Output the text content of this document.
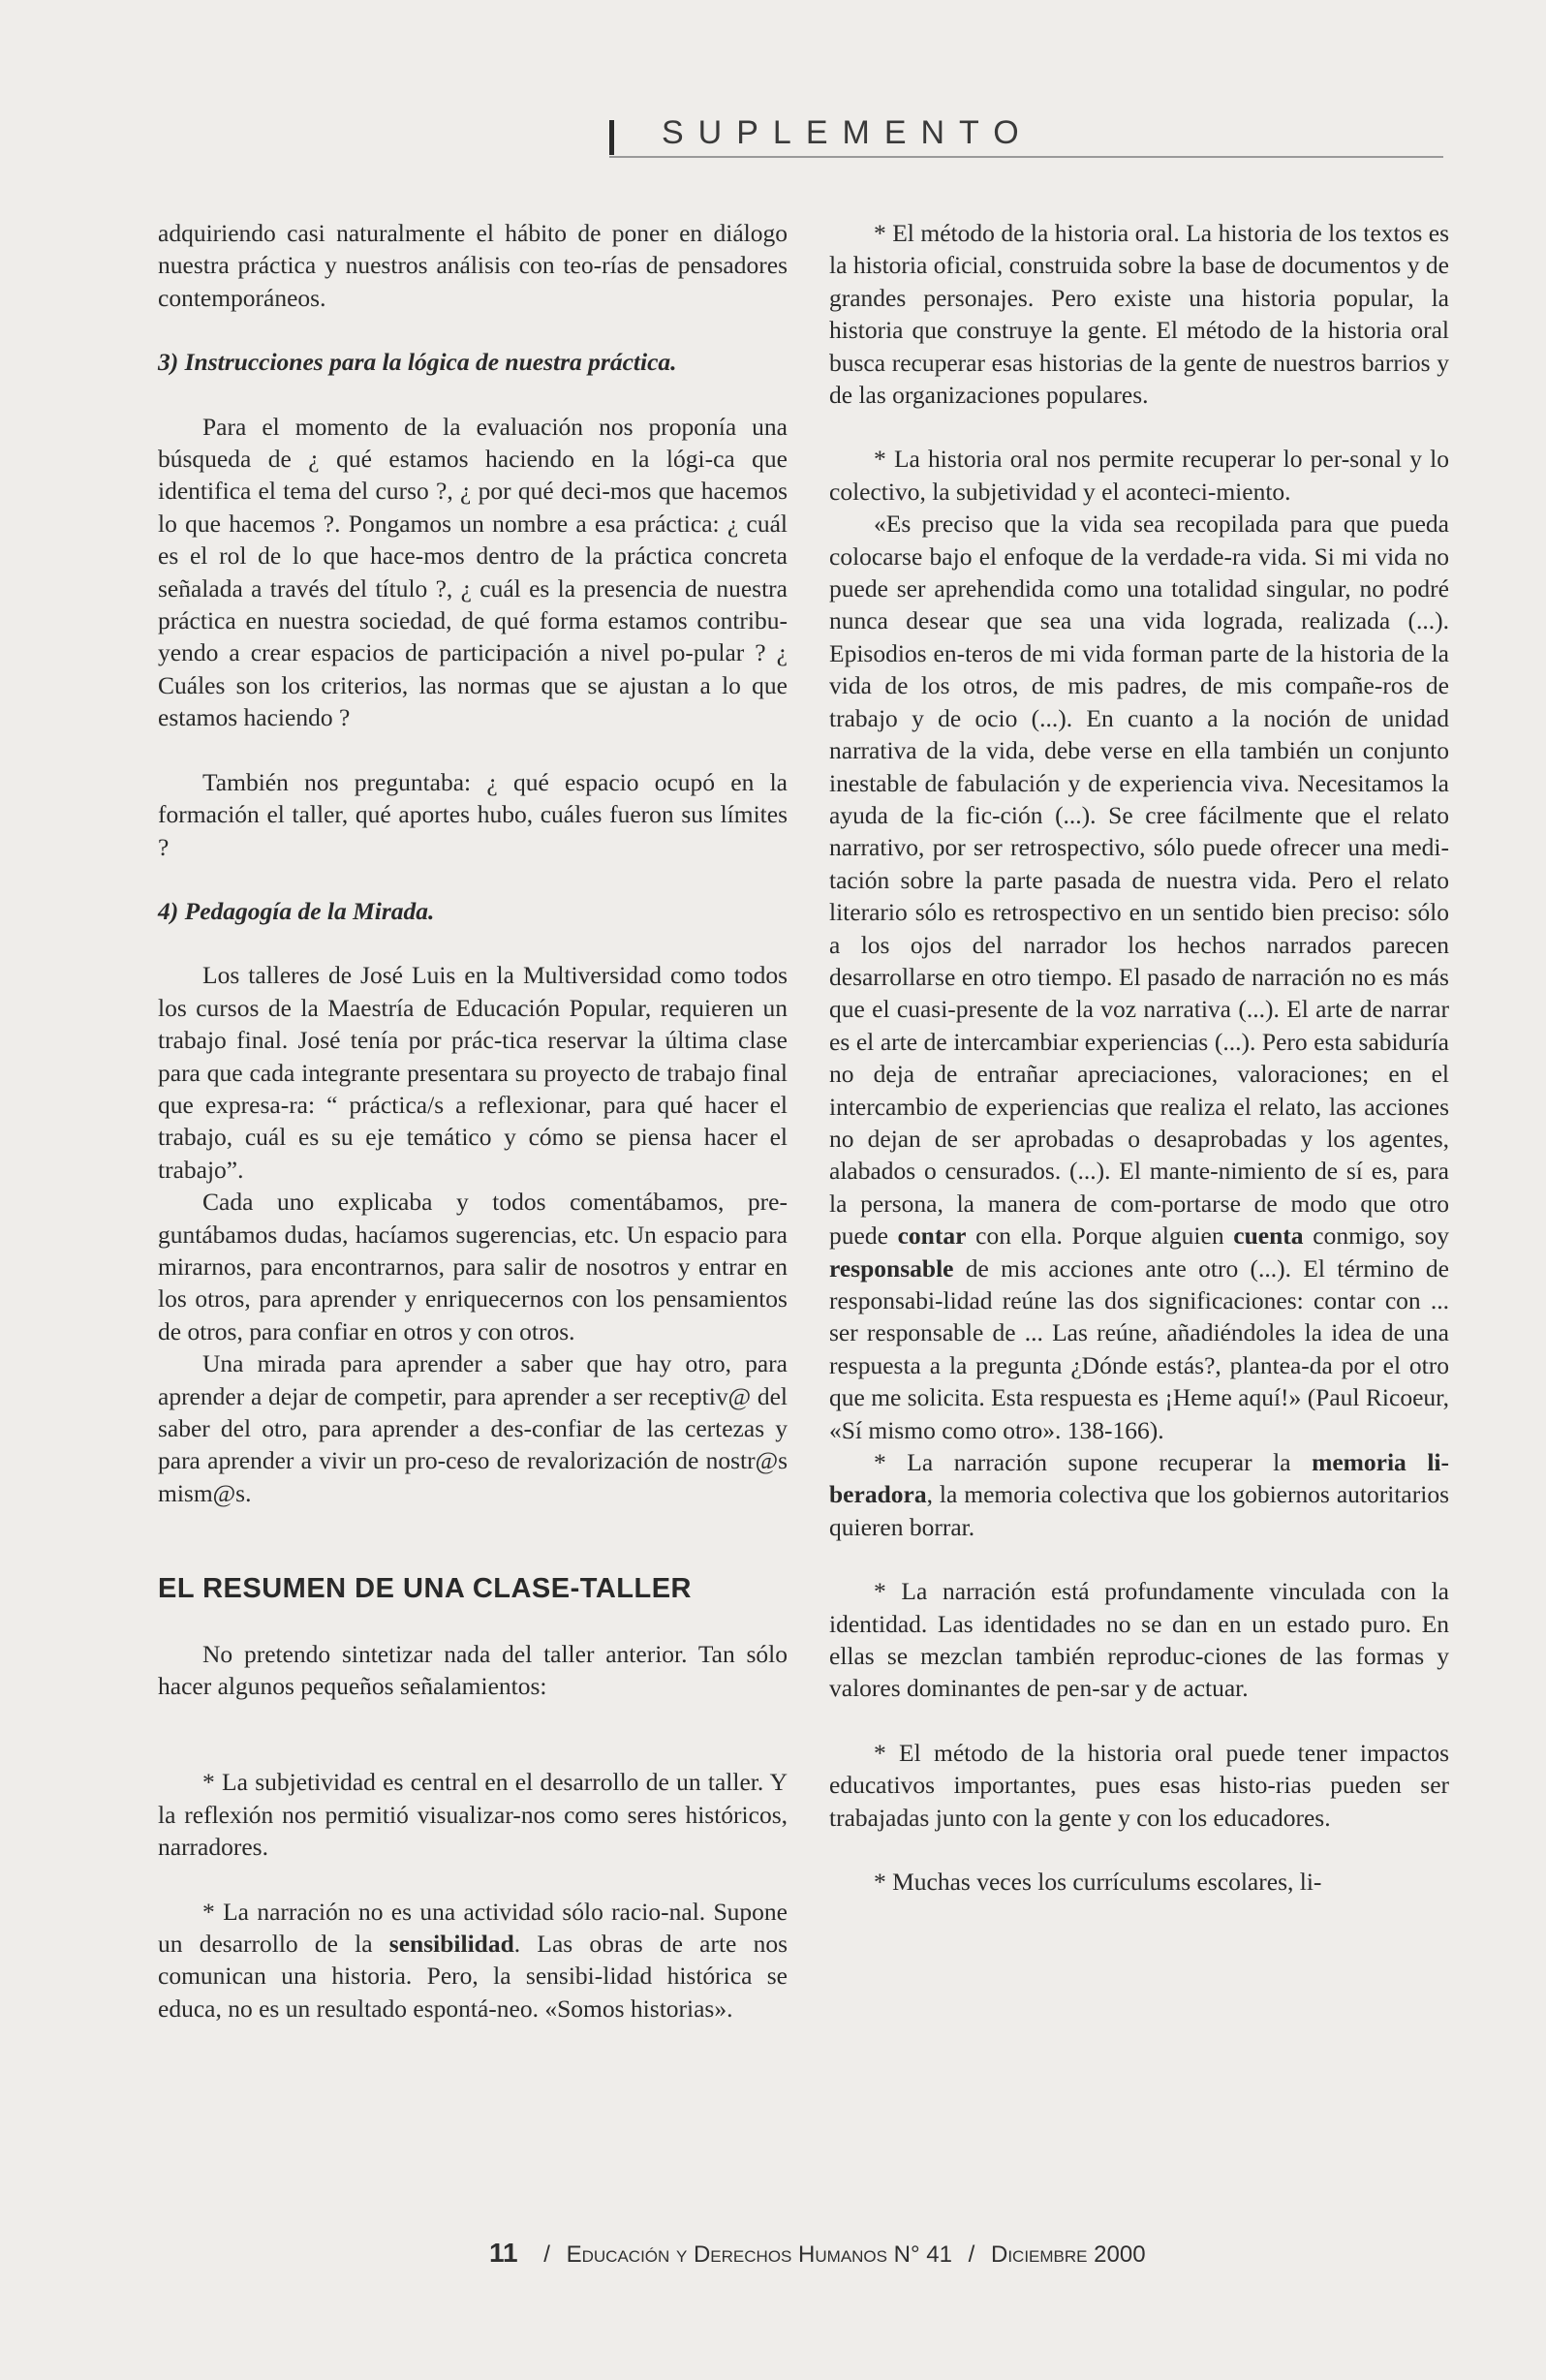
SUPLEMENTO

adquiriendo casi naturalmente el hábito de poner en diálogo nuestra práctica y nuestros análisis con teo-rías de pensadores contemporáneos.

3) Instrucciones para la lógica de nuestra práctica.

Para el momento de la evaluación nos proponía una búsqueda de ¿ qué estamos haciendo en la lógi-ca que identifica el tema del curso ?, ¿ por qué deci-mos que hacemos lo que hacemos ?. Pongamos un nombre a esa práctica: ¿ cuál es el rol de lo que hace-mos dentro de la práctica concreta señalada a través del título ?, ¿ cuál es la presencia de nuestra práctica en nuestra sociedad, de qué forma estamos contribu-yendo a crear espacios de participación a nivel po-pular ? ¿ Cuáles son los criterios, las normas que se ajustan a lo que estamos haciendo ?

También nos preguntaba: ¿ qué espacio ocupó en la formación el taller, qué aportes hubo, cuáles fueron sus límites ?

4) Pedagogía de la Mirada.

Los talleres de José Luis en la Multiversidad como todos los cursos de la Maestría de Educación Popular, requieren un trabajo final. José tenía por prác-tica reservar la última clase para que cada integrante presentara su proyecto de trabajo final que expresa-ra: “ práctica/s a reflexionar, para qué hacer el trabajo, cuál es su eje temático y cómo se piensa hacer el trabajo”.

Cada uno explicaba y todos comentábamos, pre-guntábamos dudas, hacíamos sugerencias, etc. Un espacio para mirarnos, para encontrarnos, para salir de nosotros y entrar en los otros, para aprender y enriquecernos con los pensamientos de otros, para confiar en otros y con otros.

Una mirada para aprender a saber que hay otro, para aprender a dejar de competir, para aprender a ser receptiv@ del saber del otro, para aprender a des-confiar de las certezas y para aprender a vivir un pro-ceso de revalorización de nostr@s mism@s.

EL RESUMEN DE UNA CLASE-TALLER

No pretendo sintetizar nada del taller anterior. Tan sólo hacer algunos pequeños señalamientos:

* La subjetividad es central en el desarrollo de un taller. Y la reflexión nos permitió visualizar-nos como seres históricos, narradores.

* La narración no es una actividad sólo racio-nal. Supone un desarrollo de la sensibilidad. Las obras de arte nos comunican una historia. Pero, la sensibi-lidad histórica se educa, no es un resultado espontá-neo. «Somos historias».

* El método de la historia oral. La historia de los textos es la historia oficial, construida sobre la base de documentos y de grandes personajes. Pero existe una historia popular, la historia que construye la gente. El método de la historia oral busca recuperar esas historias de la gente de nuestros barrios y de las organizaciones populares.

* La historia oral nos permite recuperar lo per-sonal y lo colectivo, la subjetividad y el aconteci-miento.

«Es preciso que la vida sea recopilada para que pueda colocarse bajo el enfoque de la verdade-ra vida. Si mi vida no puede ser aprehendida como una totalidad singular, no podré nunca desear que sea una vida lograda, realizada (...). Episodios en-teros de mi vida forman parte de la historia de la vida de los otros, de mis padres, de mis compañe-ros de trabajo y de ocio (...). En cuanto a la noción de unidad narrativa de la vida, debe verse en ella también un conjunto inestable de fabulación y de experiencia viva. Necesitamos la ayuda de la fic-ción (...). Se cree fácilmente que el relato narrativo, por ser retrospectivo, sólo puede ofrecer una medi-tación sobre la parte pasada de nuestra vida. Pero el relato literario sólo es retrospectivo en un sentido bien preciso: sólo a los ojos del narrador los hechos narrados parecen desarrollarse en otro tiempo. El pasado de narración no es más que el cuasi-presente de la voz narrativa (...). El arte de narrar es el arte de intercambiar experiencias (...). Pero esta sabiduría no deja de entrañar apreciaciones, valoraciones; en el intercambio de experiencias que realiza el relato, las acciones no dejan de ser aprobadas o desaprobadas y los agentes, alabados o censurados. (...). El mante-nimiento de sí es, para la persona, la manera de com-portarse de modo que otro puede contar con ella. Porque alguien cuenta conmigo, soy responsable de mis acciones ante otro (...). El término de responsabi-lidad reúne las dos significaciones: contar con ... ser responsable de ... Las reúne, añadiéndoles la idea de una respuesta a la pregunta ¿Dónde estás?, plantea-da por el otro que me solicita. Esta respuesta es ¡Heme aquí!» (Paul Ricoeur, «Sí mismo como otro». 138-166).

* La narración supone recuperar la memoria li-beradora, la memoria colectiva que los gobiernos autoritarios quieren borrar.

* La narración está profundamente vinculada con la identidad. Las identidades no se dan en un estado puro. En ellas se mezclan también reproduc-ciones de las formas y valores dominantes de pen-sar y de actuar.

* El método de la historia oral puede tener impactos educativos importantes, pues esas histo-rias pueden ser trabajadas junto con la gente y con los educadores.

* Muchas veces los currículums escolares, li-

11 / Educación y Derechos Humanos N° 41 / Diciembre 2000
